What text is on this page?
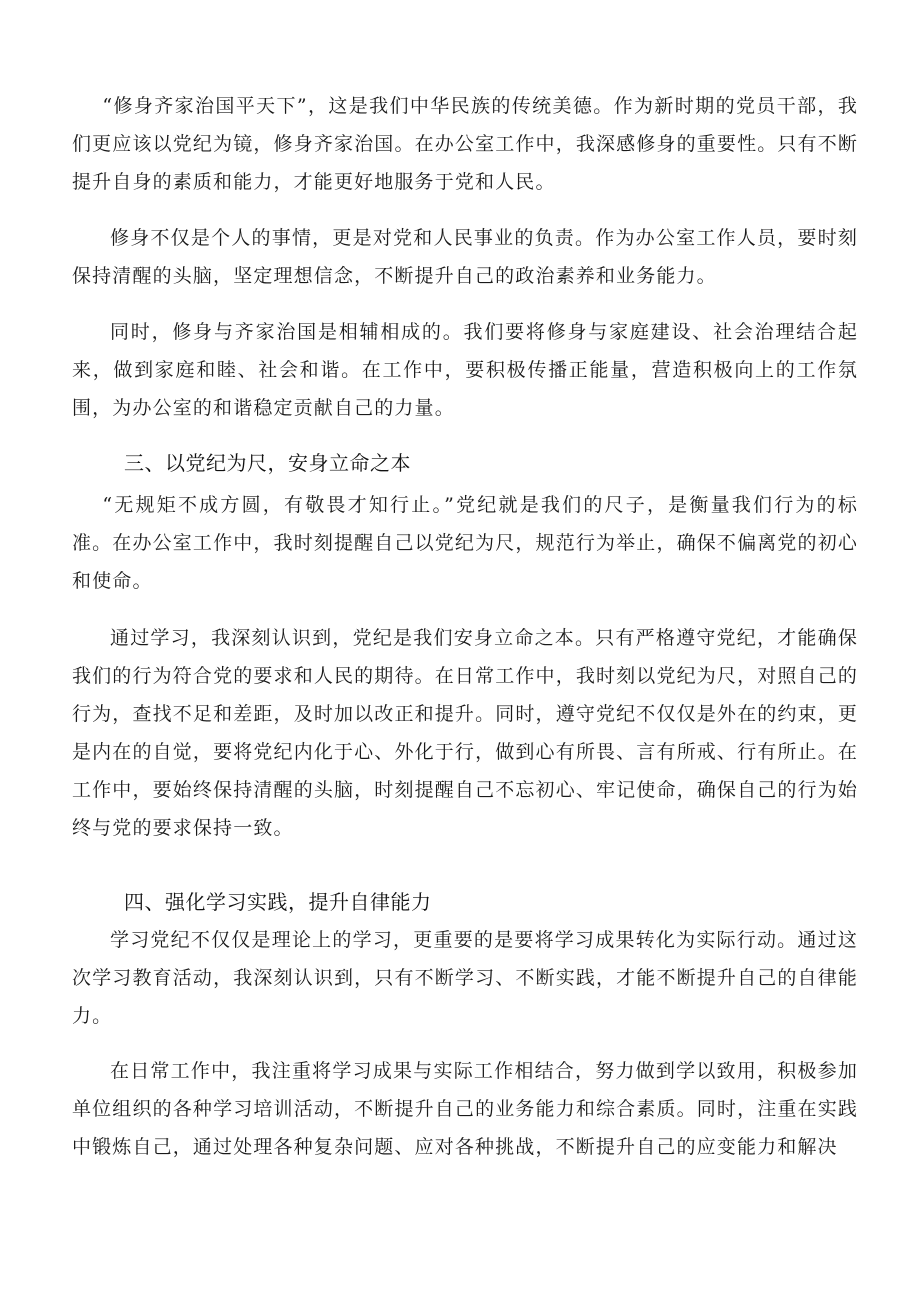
“修身齐家治国平天下”，这是我们中华民族的传统美德。作为新时期的党员干部，我们更应该以党纪为镜，修身齐家治国。在办公室工作中，我深感修身的重要性。只有不断提升自身的素质和能力，才能更好地服务于党和人民。

修身不仅是个人的事情，更是对党和人民事业的负责。作为办公室工作人员，要时刻保持清醒的头脑，坚定理想信念，不断提升自己的政治素养和业务能力。

同时，修身与齐家治国是相辅相成的。我们要将修身与家庭建设、社会治理结合起来，做到家庭和睦、社会和谐。在工作中，要积极传播正能量，营造积极向上的工作氛围，为办公室的和谐稳定贡献自己的力量。

三、以党纪为尺，安身立命之本

“无规矩不成方圆，有敬畏才知行止。”党纪就是我们的尺子，是衡量我们行为的标准。在办公室工作中，我时刻提醒自己以党纪为尺，规范行为举止，确保不偏离党的初心和使命。

通过学习，我深刻认识到，党纪是我们安身立命之本。只有严格遵守党纪，才能确保我们的行为符合党的要求和人民的期待。在日常工作中，我时刻以党纪为尺，对照自己的行为，查找不足和差距，及时加以改正和提升。同时，遵守党纪不仅仅是外在的约束，更是内在的自觉，要将党纪内化于心、外化于行，做到心有所畏、言有所戒、行有所止。在工作中，要始终保持清醒的头脑，时刻提醒自己不忘初心、牢记使命，确保自己的行为始终与党的要求保持一致。

四、强化学习实践，提升自律能力

学习党纪不仅仅是理论上的学习，更重要的是要将学习成果转化为实际行动。通过这次学习教育活动，我深刻认识到，只有不断学习、不断实践，才能不断提升自己的自律能力。

在日常工作中，我注重将学习成果与实际工作相结合，努力做到学以致用，积极参加单位组织的各种学习培训活动，不断提升自己的业务能力和综合素质。同时，注重在实践中锻炼自己，通过处理各种复杂问题、应对各种挑战，不断提升自己的应变能力和解决
